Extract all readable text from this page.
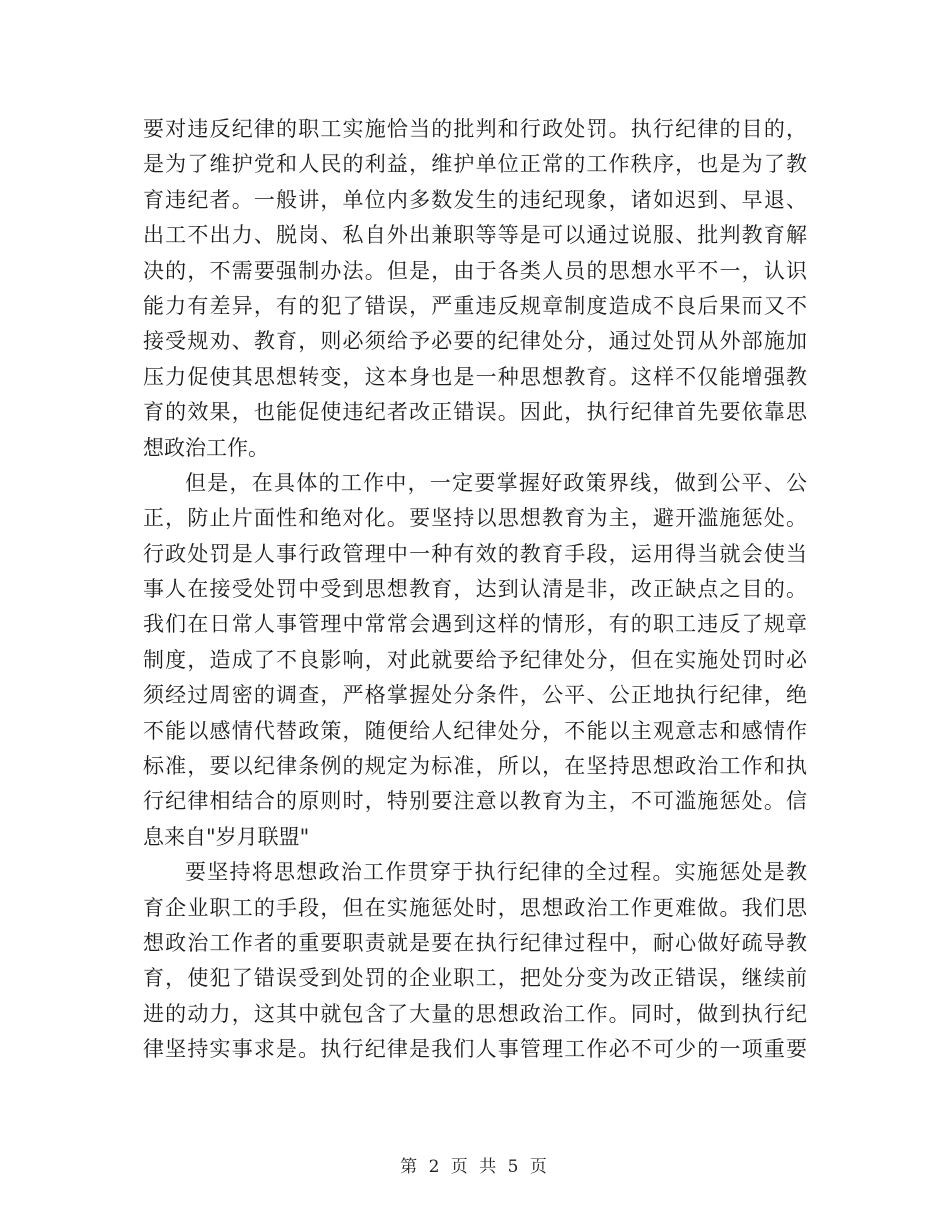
要对违反纪律的职工实施恰当的批判和行政处罚。执行纪律的目的，
是为了维护党和人民的利益，维护单位正常的工作秩序，也是为了教
育违纪者。一般讲，单位内多数发生的违纪现象，诸如迟到、早退、
出工不出力、脱岗、私自外出兼职等等是可以通过说服、批判教育解
决的，不需要强制办法。但是，由于各类人员的思想水平不一，认识
能力有差异，有的犯了错误，严重违反规章制度造成不良后果而又不
接受规劝、教育，则必须给予必要的纪律处分，通过处罚从外部施加
压力促使其思想转变，这本身也是一种思想教育。这样不仅能增强教
育的效果，也能促使违纪者改正错误。因此，执行纪律首先要依靠思
想政治工作。
但是，在具体的工作中，一定要掌握好政策界线，做到公平、公
正，防止片面性和绝对化。要坚持以思想教育为主，避开滥施惩处。
行政处罚是人事行政管理中一种有效的教育手段，运用得当就会使当
事人在接受处罚中受到思想教育，达到认清是非，改正缺点之目的。
我们在日常人事管理中常常会遇到这样的情形，有的职工违反了规章
制度，造成了不良影响，对此就要给予纪律处分，但在实施处罚时必
须经过周密的调查，严格掌握处分条件，公平、公正地执行纪律，绝
不能以感情代替政策，随便给人纪律处分，不能以主观意志和感情作
标准，要以纪律条例的规定为标准，所以，在坚持思想政治工作和执
行纪律相结合的原则时，特别要注意以教育为主，不可滥施惩处。信
息来自"岁月联盟"
要坚持将思想政治工作贯穿于执行纪律的全过程。实施惩处是教
育企业职工的手段，但在实施惩处时，思想政治工作更难做。我们思
想政治工作者的重要职责就是要在执行纪律过程中，耐心做好疏导教
育，使犯了错误受到处罚的企业职工，把处分变为改正错误，继续前
进的动力，这其中就包含了大量的思想政治工作。同时，做到执行纪
律坚持实事求是。执行纪律是我们人事管理工作必不可少的一项重要
第 2 页 共 5 页
